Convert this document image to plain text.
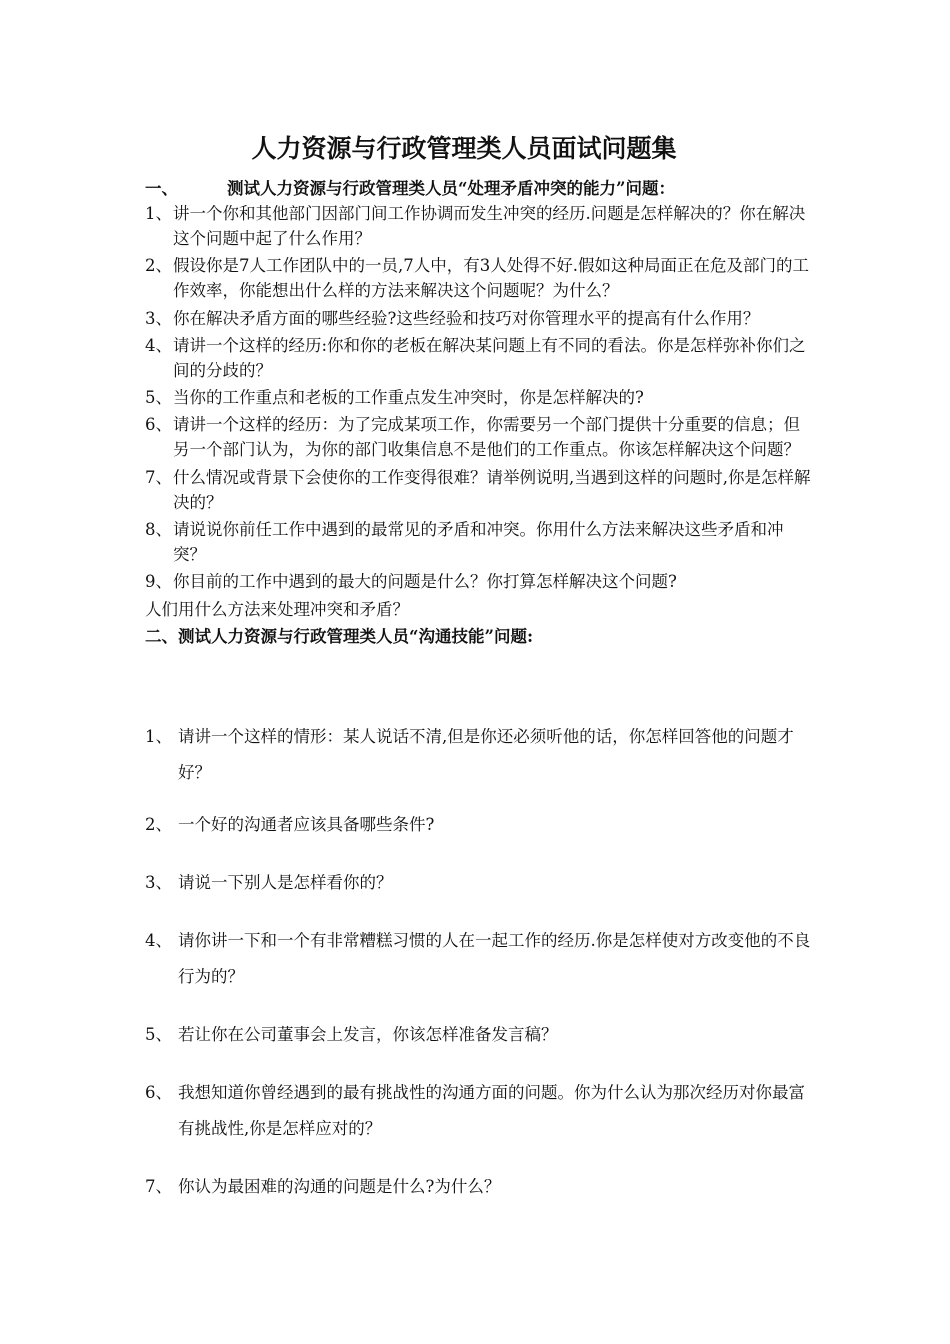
人力资源与行政管理类人员面试问题集
一、	测试人力资源与行政管理类人员“处理矛盾冲突的能力”问题：
1、 讲一个你和其他部门因部门间工作协调而发生冲突的经历.问题是怎样解决的？你在解决这个问题中起了什么作用？
2、 假设你是7人工作团队中的一员,7人中，有3人处得不好.假如这种局面正在危及部门的工作效率，你能想出什么样的方法来解决这个问题呢？为什么？
3、 你在解决矛盾方面的哪些经验?这些经验和技巧对你管理水平的提高有什么作用？
4、 请讲一个这样的经历:你和你的老板在解决某问题上有不同的看法。你是怎样弥补你们之间的分歧的？
5、 当你的工作重点和老板的工作重点发生冲突时，你是怎样解决的?
6、 请讲一个这样的经历：为了完成某项工作，你需要另一个部门提供十分重要的信息；但另一个部门认为，为你的部门收集信息不是他们的工作重点。你该怎样解决这个问题？
7、 什么情况或背景下会使你的工作变得很难？请举例说明,当遇到这样的问题时,你是怎样解决的？
8、 请说说你前任工作中遇到的最常见的矛盾和冲突。你用什么方法来解决这些矛盾和冲突？
9、 你目前的工作中遇到的最大的问题是什么？你打算怎样解决这个问题?
人们用什么方法来处理冲突和矛盾？
二、测试人力资源与行政管理类人员“沟通技能”问题:
1、 请讲一个这样的情形：某人说话不清,但是你还必须听他的话，你怎样回答他的问题才好？
2、 一个好的沟通者应该具备哪些条件?
3、 请说一下别人是怎样看你的？
4、 请你讲一下和一个有非常糟糕习惯的人在一起工作的经历.你是怎样使对方改变他的不良行为的？
5、 若让你在公司董事会上发言，你该怎样准备发言稿？
6、 我想知道你曾经遇到的最有挑战性的沟通方面的问题。你为什么认为那次经历对你最富有挑战性,你是怎样应对的？
7、 你认为最困难的沟通的问题是什么?为什么？
